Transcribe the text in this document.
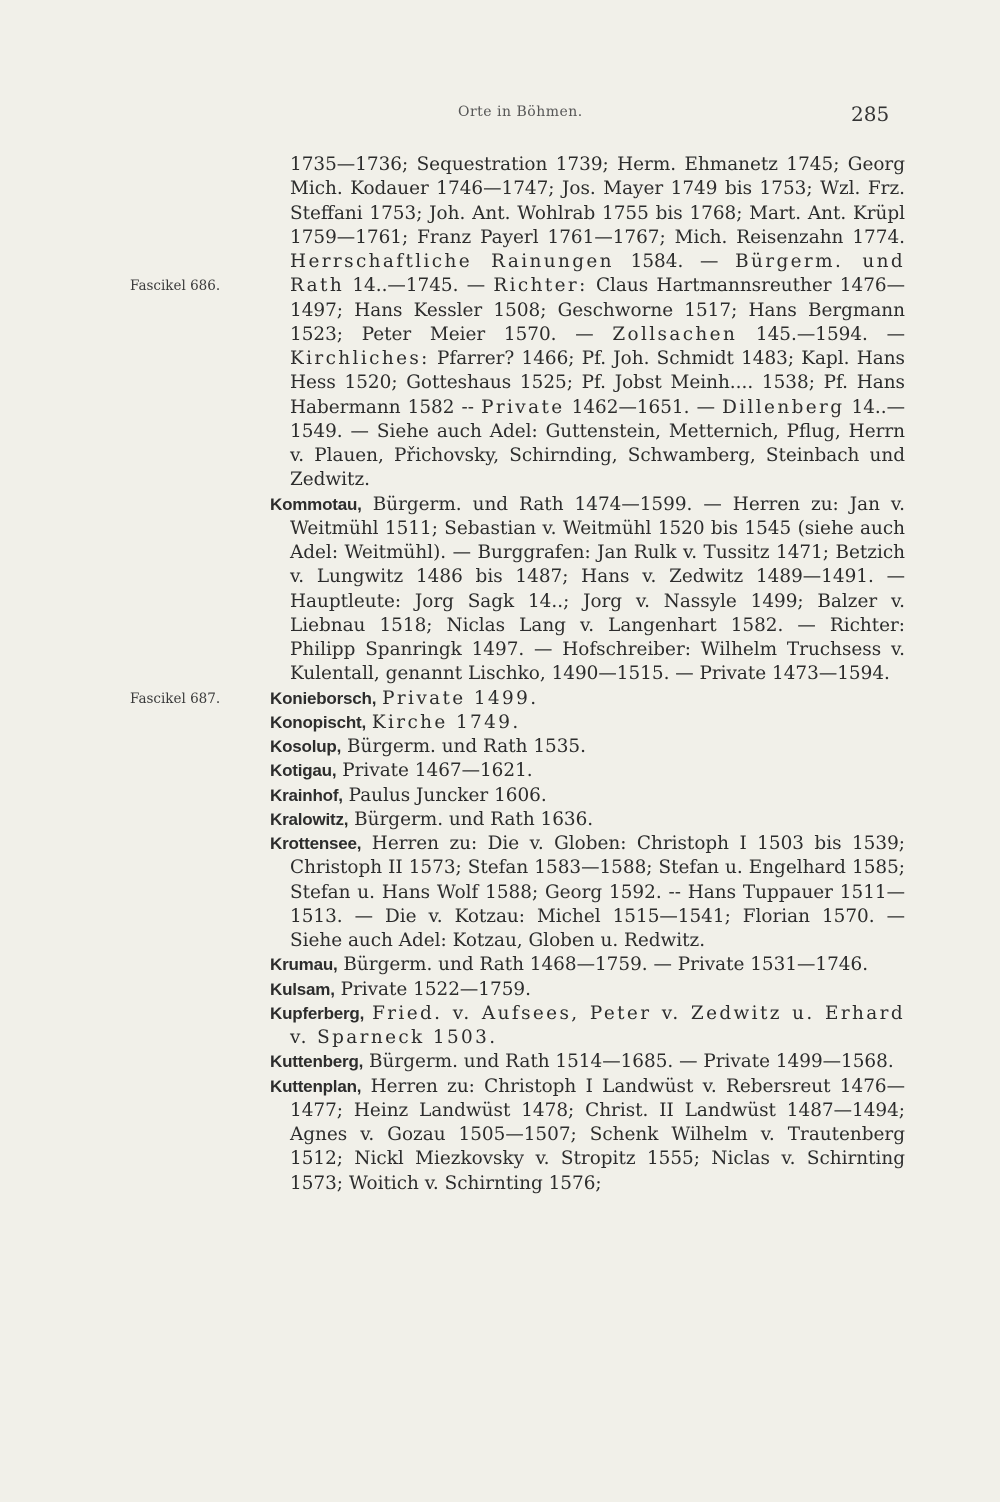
Orte in Böhmen.	285

Fascikel 686.
1735—1736; Sequestration 1739; Herm. Ehmanetz 1745; Georg Mich. Kodauer 1746—1747; Jos. Mayer 1749 bis 1753; Wzl. Frz. Steffani 1753; Joh. Ant. Wohlrab 1755 bis 1768; Mart. Ant. Krüpl 1759—1761; Franz Payerl 1761—1767; Mich. Reisenzahn 1774. Herrschaftliche Rainungen 1584. — Bürgerm. und Rath 14..—1745. — Richter: Claus Hartmannsreuther 1476—1497; Hans Kessler 1508; Geschworne 1517; Hans Bergmann 1523; Peter Meier 1570. — Zollsachen 145.—1594. — Kirchliches: Pfarrer? 1466; Pf. Joh. Schmidt 1483; Kapl. Hans Hess 1520; Gotteshaus 1525; Pf. Jobst Meinh.... 1538; Pf. Hans Habermann 1582 -- Private 1462—1651. — Dillenberg 14..—1549. — Siehe auch Adel: Guttenstein, Metternich, Pflug, Herrn v. Plauen, Přichovsky, Schirnding, Schwamberg, Steinbach und Zedwitz.

Kommotau, Bürgerm. und Rath 1474—1599. — Herren zu: Jan v. Weitmühl 1511; Sebastian v. Weitmühl 1520 bis 1545 (siehe auch Adel: Weitmühl). — Burggrafen: Jan Rulk v. Tussitz 1471; Betzich v. Lungwitz 1486 bis 1487; Hans v. Zedwitz 1489—1491. — Hauptleute: Jorg Sagk 14..; Jorg v. Nassyle 1499; Balzer v. Liebnau 1518; Niclas Lang v. Langenhart 1582. — Richter: Philipp Spanringk 1497. — Hofschreiber: Wilhelm Truchsess v. Kulentall, genannt Lischko, 1490—1515. — Private 1473—1594.

Fascikel 687.	Konieborsch, Private 1499.

Konopischt, Kirche 1749.

Kosolup, Bürgerm. und Rath 1535.

Kotigau, Private 1467—1621.

Krainhof, Paulus Juncker 1606.

Kralowitz, Bürgerm. und Rath 1636.

Krottensee, Herren zu: Die v. Globen: Christoph I 1503 bis 1539; Christoph II 1573; Stefan 1583—1588; Stefan u. Engelhard 1585; Stefan u. Hans Wolf 1588; Georg 1592. -- Hans Tuppauer 1511—1513. — Die v. Kotzau: Michel 1515—1541; Florian 1570. — Siehe auch Adel: Kotzau, Globen u. Redwitz.

Krumau, Bürgerm. und Rath 1468—1759. — Private 1531—1746.

Kulsam, Private 1522—1759.

Kupferberg, Fried. v. Aufsees, Peter v. Zedwitz u. Erhard v. Sparneck 1503.

Kuttenberg, Bürgerm. und Rath 1514—1685. — Private 1499—1568.

Kuttenplan, Herren zu: Christoph I Landwüst v. Rebersreut 1476—1477; Heinz Landwüst 1478; Christ. II Landwüst 1487—1494; Agnes v. Gozau 1505—1507; Schenk Wilhelm v. Trautenberg 1512; Nickl Miezkovsky v. Stropitz 1555; Niclas v. Schirnting 1573; Woitich v. Schirnting 1576;
